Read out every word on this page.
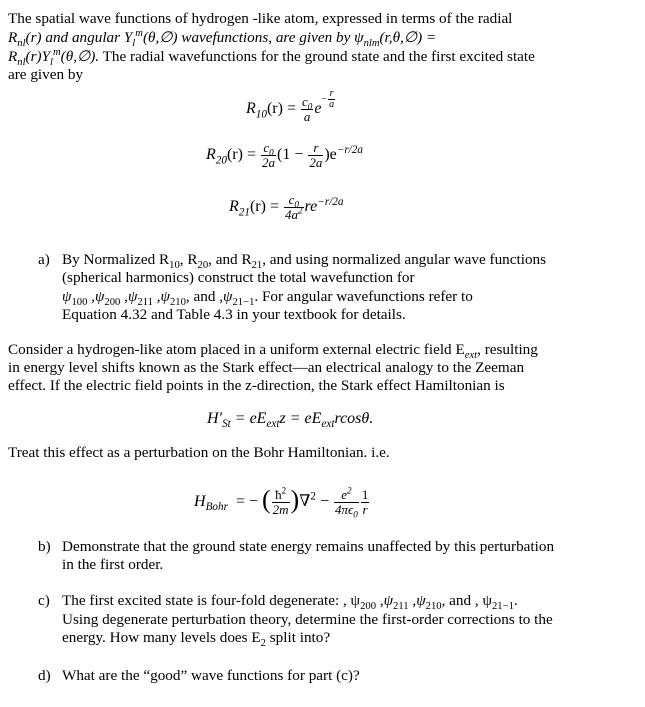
The spatial wave functions of hydrogen -like atom, expressed in terms of the radial
$R_{nl}(r)$ and angular $Y_l^m(\theta,\emptyset)$ wavefunctions, are given by $\psi_{nlm}(r,\theta,\emptyset)$ =
$R_{nl}(r)Y_l^m(\theta,\emptyset)$. The radial wavefunctions for the ground state and the first excited state
are given by
$R_{10}(r) = \frac{c_0}{a}$ e
− $\frac{r}{a}$
$R_{20}(r) = \frac{c_0}{2a} (1 - \frac{r}{2a} )e^{-r/2a}$
$R_{21}(r) = \frac{c_0}{4a^2} re^{-r/2a}$
a) By Normalized $R_{10}$, $R_{20}$, and $R_{21}$, and using normalized angular wave functions
(spherical harmonics) construct the total wavefunction for
$\psi_{100}$ $,\psi_{200}$ $,\psi_{211}$ $,\psi_{210}$, and $,\psi_{21-1}$. For angular wavefunctions refer to
Equation 4.32 and Table 4.3 in your textbook for details.
Consider a hydrogen-like atom placed in a uniform external electric field $E_{ext}$, resulting
in energy level shifts known as the Stark effect—an electrical analogy to the Zeeman
effect. If the electric field points in the z-direction, the Stark effect Hamiltonian is
$H'_{St} = eE_{ext}z = eE_{ext}rcos\theta$.
Treat this effect as a perturbation on the Bohr Hamiltonian. i.e.
$H_{Bohr}$ = − ( $\frac{ħ^2}{2m} )\nabla^2 - \frac{e^2}{4\pi\epsilon_0} \frac{1}{r}$
b) Demonstrate that the ground state energy remains unaffected by this perturbation
in the first order.
c) The first excited state is four-fold degenerate: , $\psi_{200}$ $,\psi_{211}$ $,\psi_{210}$, and , $\psi_{21-1}$.
Using degenerate perturbation theory, determine the first-order corrections to the
energy. How many levels does $E_2$ split into?
d) What are the “good” wave functions for part (c)?
